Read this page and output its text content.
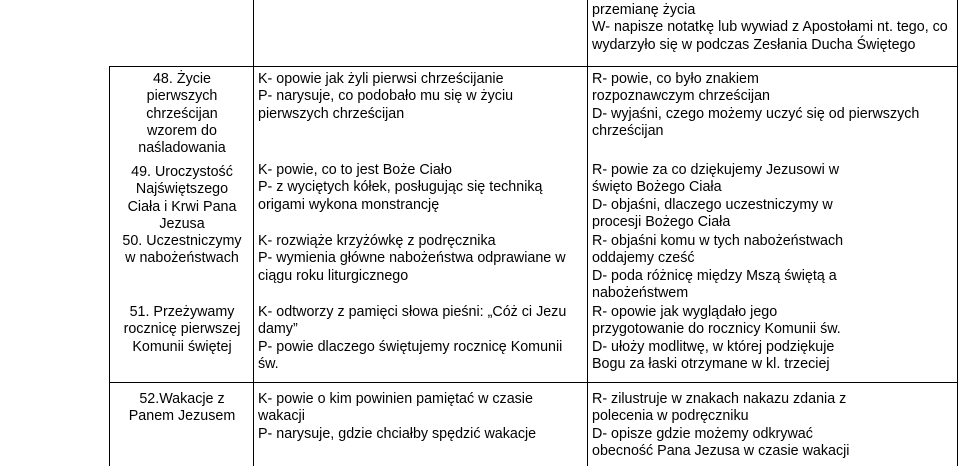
przemianę życia
W- napisze notatkę lub wywiad z Apostołami nt. tego, co wydarzyło się w podczas Zesłania Ducha Świętego
48. Życie
pierwszych
chrześcijan
wzorem do
naśladowania
K- opowie jak żyli pierwsi chrześcijanie
P- narysuje, co podobało mu się w życiu pierwszych chrześcijan
R- powie, co było znakiem
rozpoznawczym chrześcijan
D- wyjaśni, czego możemy uczyć się od pierwszych chrześcijan
49. Uroczystość
Najświętszego
Ciała i Krwi Pana
Jezusa
K- powie, co to jest Boże Ciało
P- z wyciętych kółek, posługując się techniką origami wykona monstrancję
R- powie za co dziękujemy Jezusowi w
święto Bożego Ciała
D- objaśni, dlaczego uczestniczymy w
procesji Bożego Ciała
50. Uczestniczymy
w nabożeństwach
K- rozwiąże krzyżówkę z podręcznika
P- wymienia główne nabożeństwa odprawiane w ciągu roku liturgicznego
R- objaśni komu w tych nabożeństwach
oddajemy cześć
D- poda różnicę między Mszą świętą a
nabożeństwem
51. Przeżywamy
rocznicę pierwszej
Komunii świętej
K- odtworzy z pamięci słowa pieśni: „Cóż ci Jezu damy”
P- powie dlaczego świętujemy rocznicę Komunii św.
R- opowie jak wyglądało jego
przygotowanie do rocznicy Komunii św.
D- ułoży modlitwę, w której podziękuje
Bogu za łaski otrzymane w kl. trzeciej
52.Wakacje z
Panem Jezusem
K- powie o kim powinien pamiętać w czasie wakacji
P- narysuje, gdzie chciałby spędzić wakacje
R- zilustruje w znakach nakazu zdania z
polecenia w podręczniku
D- opisze gdzie możemy odkrywać
obecność Pana Jezusa w czasie wakacji
